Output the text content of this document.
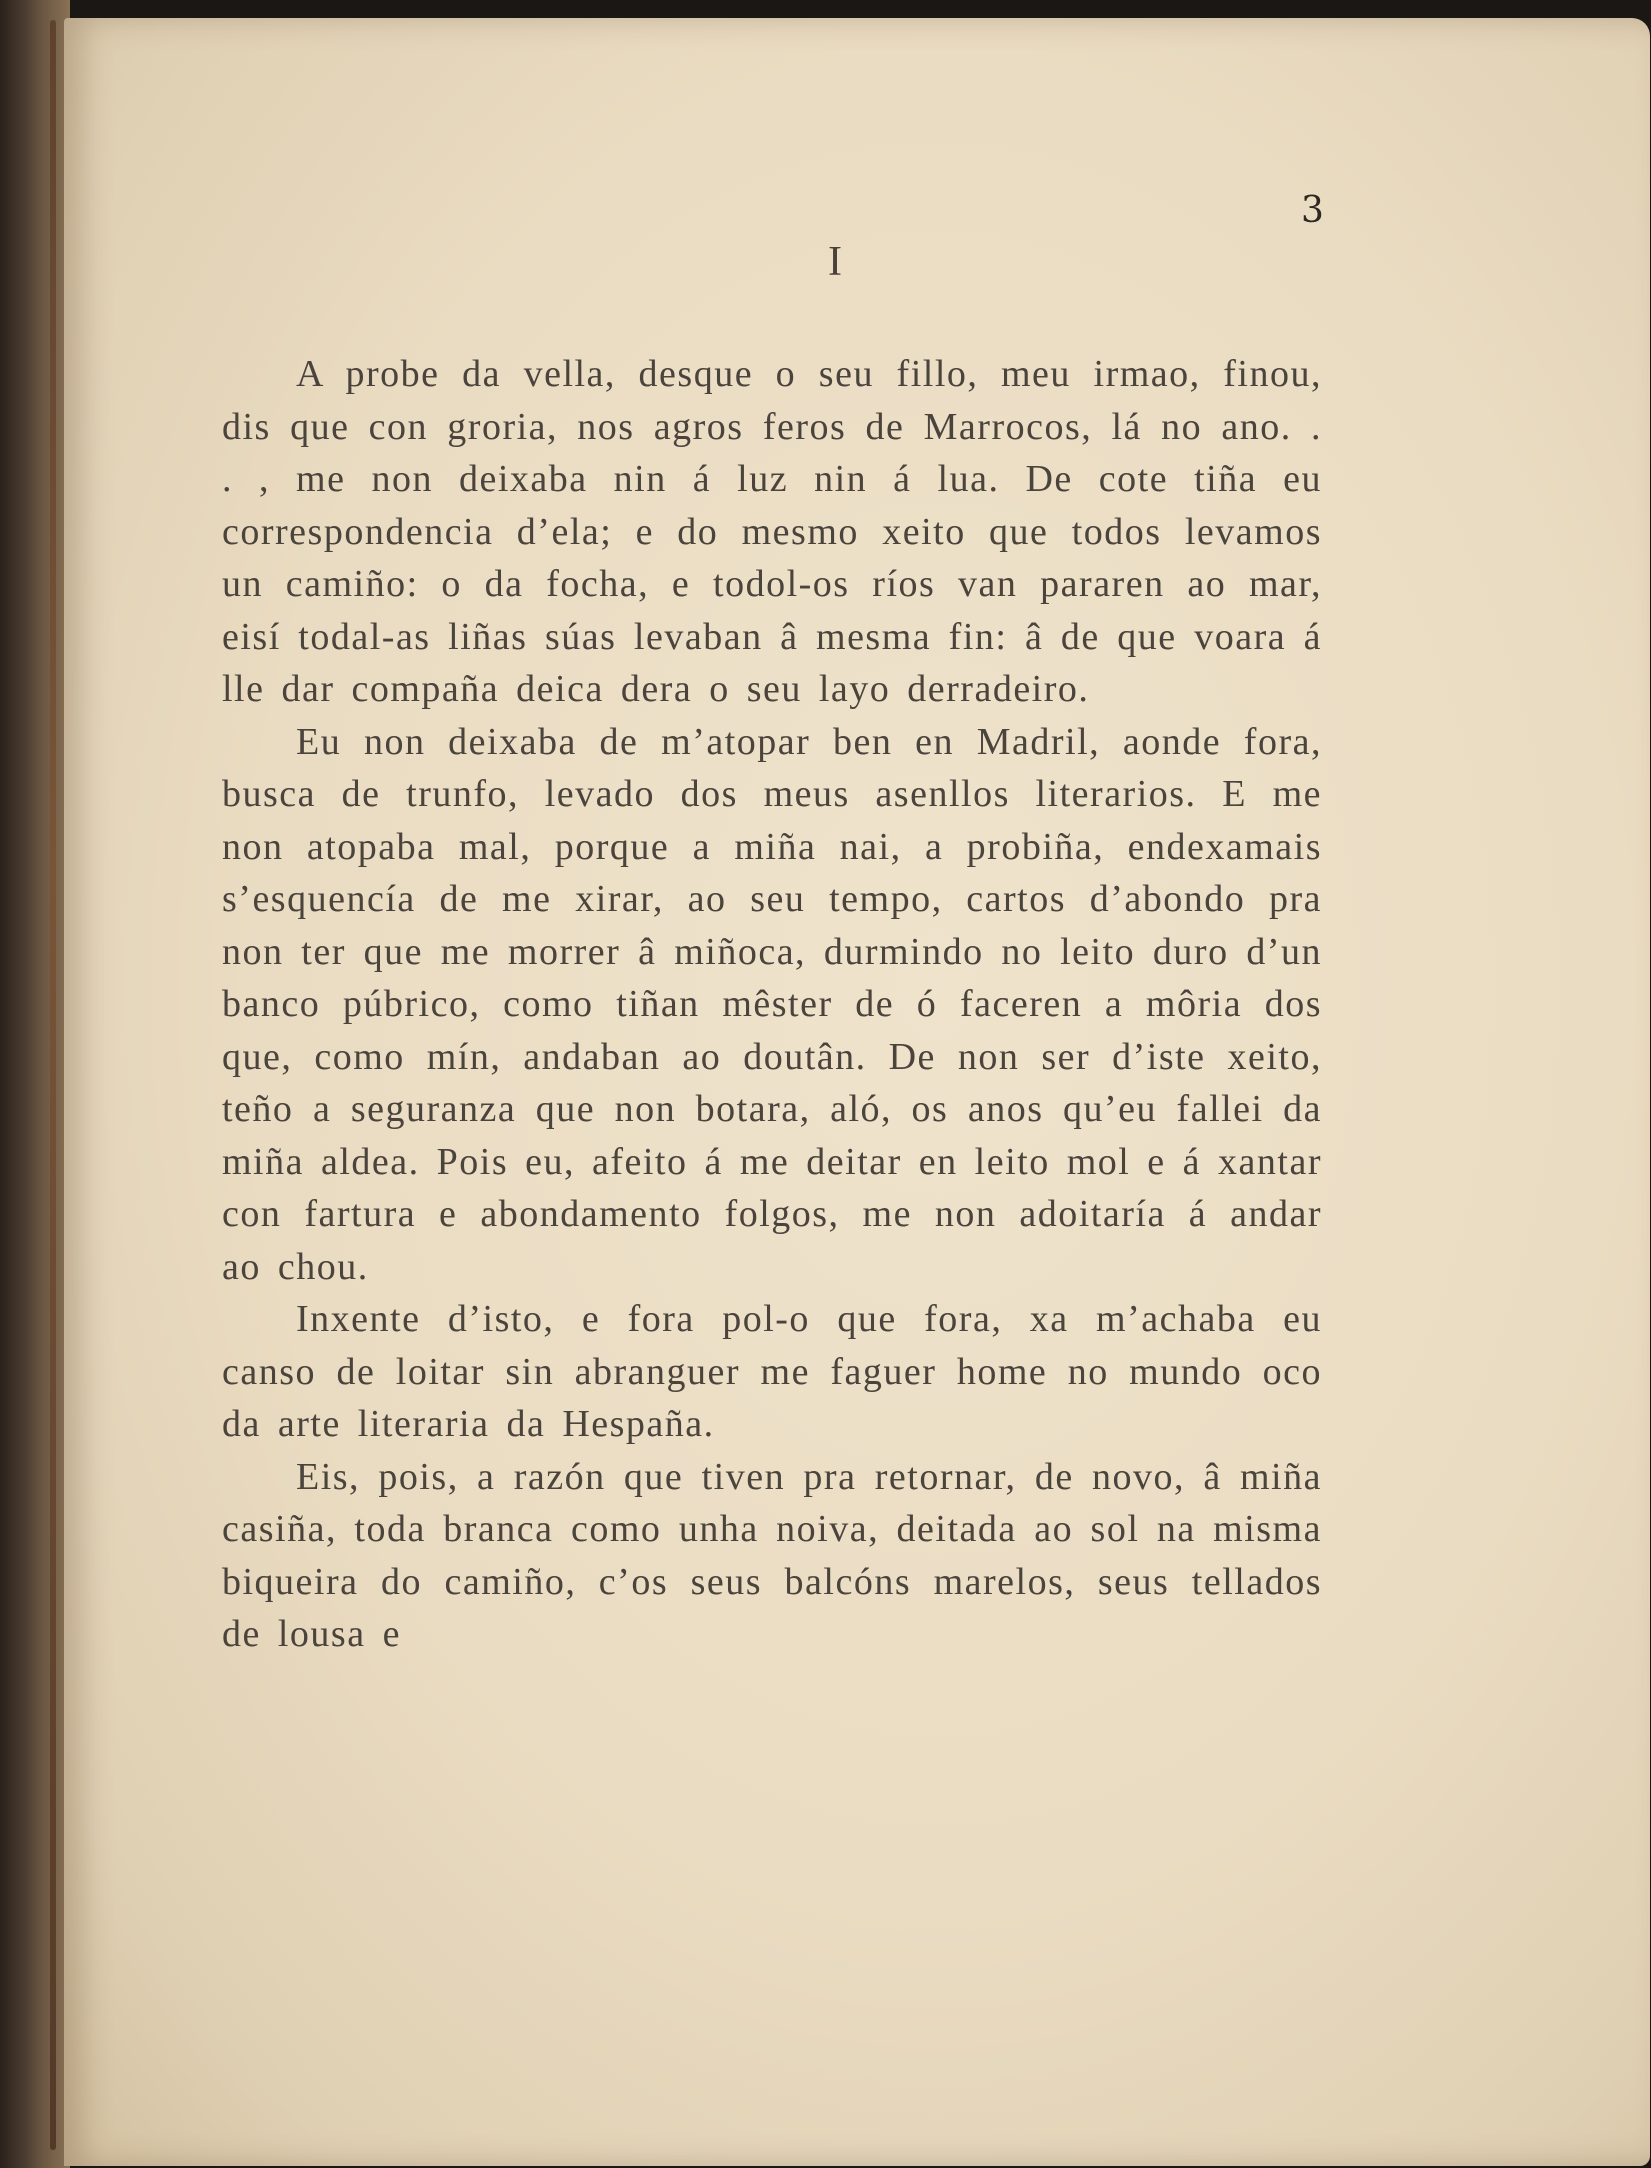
3
I

A probe da vella, desque o seu fillo, meu irmao, finou, dis que con groria, nos agros feros de Marrocos, lá no ano. . . , me non deixaba nin á luz nin á lua. De cote tiña eu correspondencia d’ela; e do mesmo xeito que todos levamos un camiño: o da focha, e todol-os ríos van pararen ao mar, eisí todal-as liñas súas levaban â mesma fin: â de que voara á lle dar compaña deica dera o seu layo derradeiro.

Eu non deixaba de m’atopar ben en Madril, aonde fora, busca de trunfo, levado dos meus asenllos literarios. E me non atopaba mal, porque a miña nai, a probiña, endexamais s’esquencía de me xirar, ao seu tempo, cartos d’abondo pra non ter que me morrer â miñoca, durmindo no leito duro d’un banco púbrico, como tiñan mêster de ó faceren a môria dos que, como mín, andaban ao doutân. De non ser d’iste xeito, teño a seguranza que non botara, aló, os anos qu’eu fallei da miña aldea. Pois eu, afeito á me deitar en leito mol e á xantar con fartura e abondamento folgos, me non adoitaría á andar ao chou.

Inxente d’isto, e fora pol-o que fora, xa m’achaba eu canso de loitar sin abranguer me faguer home no mundo oco da arte literaria da Hespaña.

Eis, pois, a razón que tiven pra retornar, de novo, â miña casiña, toda branca como unha noiva, deitada ao sol na misma biqueira do camiño, c’os seus balcóns marelos, seus tellados de lousa e
